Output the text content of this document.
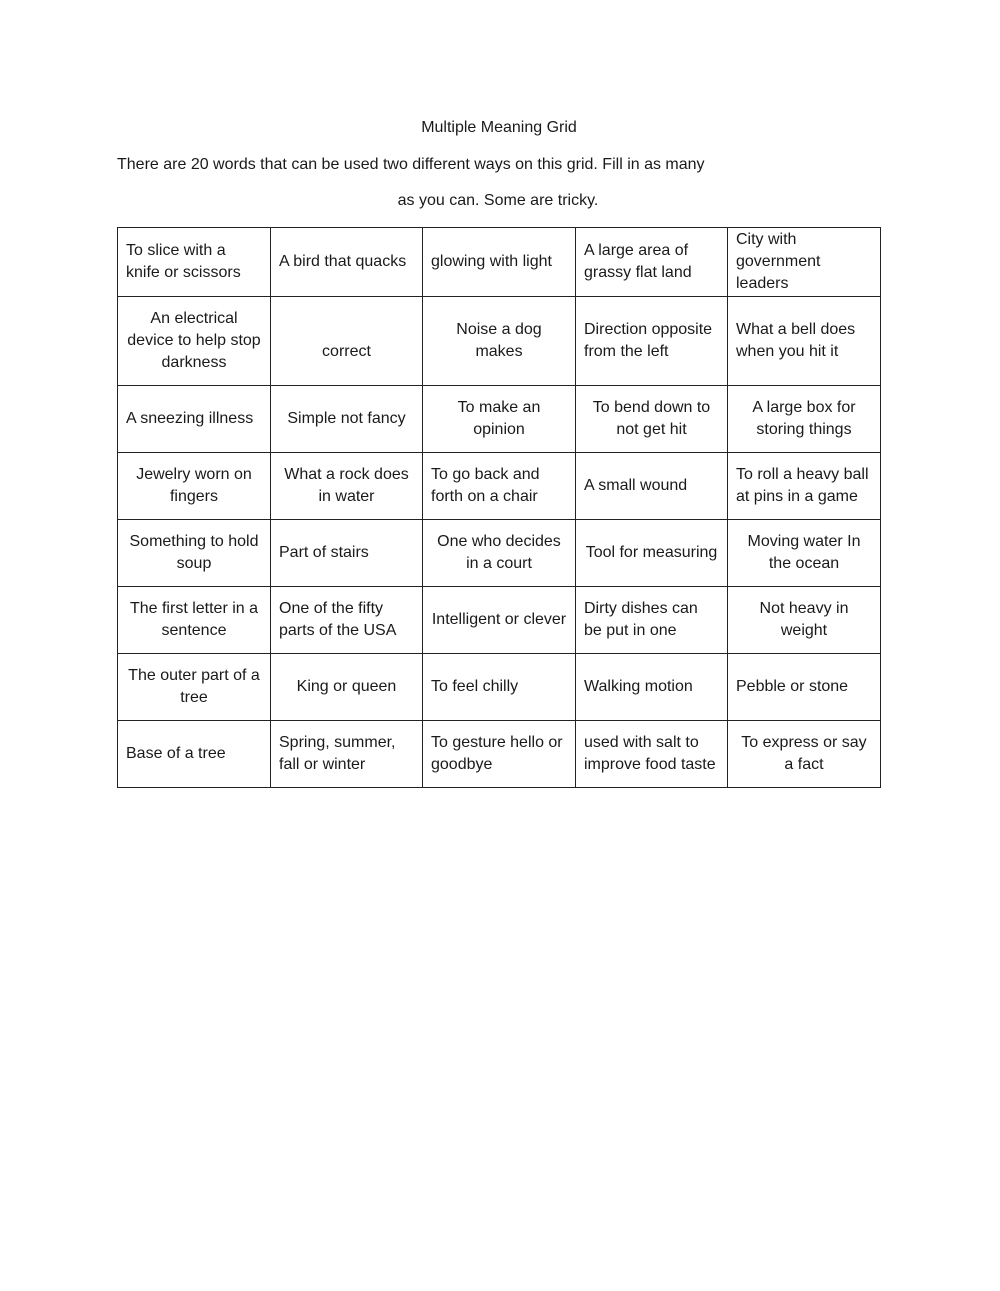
Multiple Meaning Grid
There are 20 words that can be used two different ways on this grid. Fill in as many
as you can. Some are tricky.
To slice with a knife or scissors	A bird that quacks	glowing with light	A large area of grassy flat land	City with government leaders
An electrical device to help stop darkness	correct	Noise a dog makes	Direction opposite from the left	What a bell does when you hit it
A sneezing illness	Simple not fancy	To make an opinion	To bend down to not get hit	A large box for storing things
Jewelry worn on fingers	What a rock does in water	To go back and forth on a chair	A small wound	To roll a heavy ball at pins in a game
Something to hold soup	Part of stairs	One who decides in a court	Tool for measuring	Moving water In the ocean
The first letter in a sentence	One of the fifty parts of the USA	Intelligent or clever	Dirty dishes can be put in one	Not heavy in weight
The outer part of a tree	King or queen	To feel chilly	Walking motion	Pebble or stone
Base of a tree	Spring, summer, fall or winter	To gesture hello or goodbye	used with salt to improve food taste	To express or say a fact
